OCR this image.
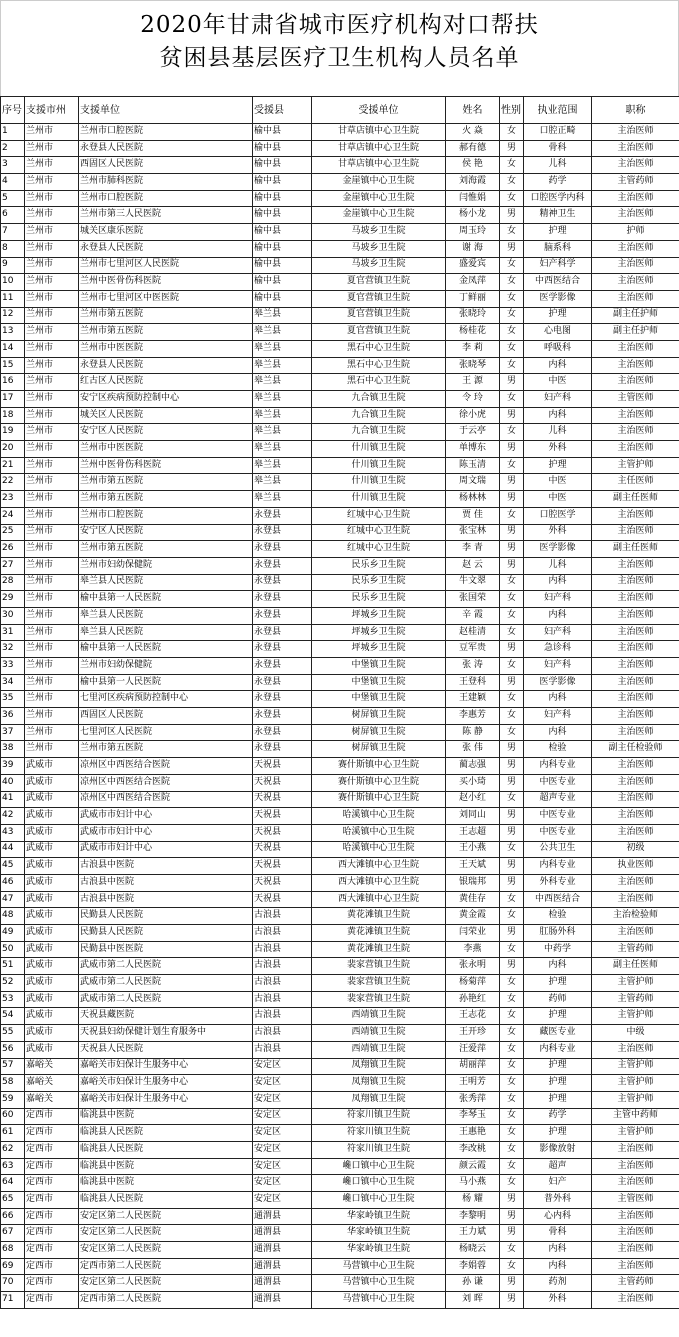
2020年甘肃省城市医疗机构对口帮扶
贫困县基层医疗卫生机构人员名单
序号	支援市州	支援单位	受援县	受援单位	姓名	性别	执业范围	职称
1	兰州市	兰州市口腔医院	榆中县	甘草店镇中心卫生院	火 焱	女	口腔正畸	主治医师
2	兰州市	永登县人民医院	榆中县	甘草店镇中心卫生院	郝有德	男	骨科	主治医师
3	兰州市	西固区人民医院	榆中县	甘草店镇中心卫生院	侯 艳	女	儿科	主治医师
4	兰州市	兰州市肺科医院	榆中县	金崖镇中心卫生院	刘海霞	女	药学	主管药师
5	兰州市	兰州市口腔医院	榆中县	金崖镇中心卫生院	闫惟娟	女	口腔医学内科	主治医师
6	兰州市	兰州市第三人民医院	榆中县	金崖镇中心卫生院	杨小龙	男	精神卫生	主治医师
7	兰州市	城关区康乐医院	榆中县	马坡乡卫生院	周玉玲	女	护理	护师
8	兰州市	永登县人民医院	榆中县	马坡乡卫生院	谢 海	男	脑系科	主治医师
9	兰州市	兰州市七里河区人民医院	榆中县	马坡乡卫生院	盛爱宾	女	妇产科学	主治医师
10	兰州市	兰州中医骨伤科医院	榆中县	夏官营镇卫生院	金凤萍	女	中西医结合	主治医师
11	兰州市	兰州市七里河区中医医院	榆中县	夏官营镇卫生院	丁鲜丽	女	医学影像	主治医师
12	兰州市	兰州市第五医院	皋兰县	夏官营镇卫生院	张晓玲	女	护理	副主任护师
13	兰州市	兰州市第五医院	皋兰县	夏官营镇卫生院	杨桂花	女	心电图	副主任护师
14	兰州市	兰州市中医医院	皋兰县	黑石中心卫生院	李 莉	女	呼吸科	主治医师
15	兰州市	永登县人民医院	皋兰县	黑石中心卫生院	张晓琴	女	内科	主治医师
16	兰州市	红古区人民医院	皋兰县	黑石中心卫生院	王 源	男	中医	主治医师
17	兰州市	安宁区疾病预防控制中心	皋兰县	九合镇卫生院	令 玲	女	妇产科	主管医师
18	兰州市	城关区人民医院	皋兰县	九合镇卫生院	徐小虎	男	内科	主治医师
19	兰州市	安宁区人民医院	皋兰县	九合镇卫生院	于云亭	女	儿科	主治医师
20	兰州市	兰州市中医医院	皋兰县	什川镇卫生院	单博东	男	外科	主治医师
21	兰州市	兰州中医骨伤科医院	皋兰县	什川镇卫生院	陈玉清	女	护理	主管护师
22	兰州市	兰州市第五医院	皋兰县	什川镇卫生院	周文瑞	男	中医	主任医师
23	兰州市	兰州市第五医院	皋兰县	什川镇卫生院	杨林林	男	中医	副主任医师
24	兰州市	兰州市口腔医院	永登县	红城中心卫生院	贾 佳	女	口腔医学	主治医师
25	兰州市	安宁区人民医院	永登县	红城中心卫生院	张宝林	男	外科	主治医师
26	兰州市	兰州市第五医院	永登县	红城中心卫生院	李 青	男	医学影像	副主任医师
27	兰州市	兰州市妇幼保健院	永登县	民乐乡卫生院	赵 云	男	儿科	主治医师
28	兰州市	皋兰县人民医院	永登县	民乐乡卫生院	牛文翠	女	内科	主治医师
29	兰州市	榆中县第一人民医院	永登县	民乐乡卫生院	张国荣	女	妇产科	主治医师
30	兰州市	皋兰县人民医院	永登县	坪城乡卫生院	辛 霞	女	内科	主治医师
31	兰州市	皋兰县人民医院	永登县	坪城乡卫生院	赵桂清	女	妇产科	主治医师
32	兰州市	榆中县第一人民医院	永登县	坪城乡卫生院	豆军贵	男	急诊科	主治医师
33	兰州市	兰州市妇幼保健院	永登县	中堡镇卫生院	张 涛	女	妇产科	主治医师
34	兰州市	榆中县第一人民医院	永登县	中堡镇卫生院	王登科	男	医学影像	主治医师
35	兰州市	七里河区疾病预防控制中心	永登县	中堡镇卫生院	王建颖	女	内科	主治医师
36	兰州市	西固区人民医院	永登县	树屏镇卫生院	李惠芳	女	妇产科	主治医师
37	兰州市	七里河区人民医院	永登县	树屏镇卫生院	陈 静	女	内科	主治医师
38	兰州市	兰州市第五医院	永登县	树屏镇卫生院	张 伟	男	检验	副主任检验师
39	武威市	凉州区中西医结合医院	天祝县	赛什斯镇中心卫生院	蔺志强	男	内科专业	主治医师
40	武威市	凉州区中西医结合医院	天祝县	赛什斯镇中心卫生院	买小琦	男	中医专业	主治医师
41	武威市	凉州区中西医结合医院	天祝县	赛什斯镇中心卫生院	赵小红	女	超声专业	主治医师
42	武威市	武威市市妇计中心	天祝县	哈溪镇中心卫生院	刘同山	男	中医专业	主治医师
43	武威市	武威市市妇计中心	天祝县	哈溪镇中心卫生院	王志超	男	中医专业	主治医师
44	武威市	武威市市妇计中心	天祝县	哈溪镇中心卫生院	王小燕	女	公共卫生	初级
45	武威市	古浪县中医院	天祝县	西大滩镇中心卫生院	王天斌	男	内科专业	执业医师
46	武威市	古浪县中医院	天祝县	西大滩镇中心卫生院	银瑞邦	男	外科专业	主治医师
47	武威市	古浪县中医院	天祝县	西大滩镇中心卫生院	黄佳存	女	中西医结合	主治医师
48	武威市	民勤县人民医院	古浪县	黄花滩镇卫生院	黄金霞	女	检验	主治检验师
49	武威市	民勤县人民医院	古浪县	黄花滩镇卫生院	闫荣业	男	肛肠外科	主治医师
50	武威市	民勤县中医医院	古浪县	黄花滩镇卫生院	李燕	女	中药学	主管药师
51	武威市	武威市第二人民医院	古浪县	裴家营镇卫生院	张永明	男	内科	副主任医师
52	武威市	武威市第二人民医院	古浪县	裴家营镇卫生院	杨菊萍	女	护理	主管护师
53	武威市	武威市第二人民医院	古浪县	裴家营镇卫生院	孙艳红	女	药师	主管药师
54	武威市	天祝县藏医院	古浪县	西靖镇卫生院	王志花	女	护理	主管护师
55	武威市	天祝县妇幼保健计划生育服务中	古浪县	西靖镇卫生院	王开珍	女	藏医专业	中级
56	武威市	天祝县人民医院	古浪县	西靖镇卫生院	汪爱萍	女	内科专业	主治医师
57	嘉峪关	嘉峪关市妇保计生服务中心	安定区	凤翔镇卫生院	胡丽萍	女	护理	主管护师
58	嘉峪关	嘉峪关市妇保计生服务中心	安定区	凤翔镇卫生院	王明芳	女	护理	主管护师
59	嘉峪关	嘉峪关市妇保计生服务中心	安定区	凤翔镇卫生院	张秀萍	女	护理	主管护师
60	定西市	临洮县中医院	安定区	符家川镇卫生院	李琴玉	女	药学	主管中药师
61	定西市	临洮县人民医院	安定区	符家川镇卫生院	王惠艳	女	护理	主管护师
62	定西市	临洮县人民医院	安定区	符家川镇卫生院	李改桃	女	影像放射	主治医师
63	定西市	临洮县中医院	安定区	巉口镇中心卫生院	颜云霞	女	超声	主治医师
64	定西市	临洮县中医院	安定区	巉口镇中心卫生院	马小燕	女	妇产	主治医师
65	定西市	临洮县人民医院	安定区	巉口镇中心卫生院	杨 耀	男	普外科	主管医师
66	定西市	安定区第二人民医院	通渭县	华家岭镇卫生院	李黎明	男	心内科	主治医师
67	定西市	安定区第二人民医院	通渭县	华家岭镇卫生院	王力斌	男	骨科	主治医师
68	定西市	安定区第二人民医院	通渭县	华家岭镇卫生院	杨晓云	女	内科	主治医师
69	定西市	定西市第二人民医院	通渭县	马营镇中心卫生院	李娟蓉	女	内科	主治医师
70	定西市	安定区第二人民医院	通渭县	马营镇中心卫生院	孙 谦	男	药剂	主管药师
71	定西市	定西市第二人民医院	通渭县	马营镇中心卫生院	刘 晖	男	外科	主治医师
